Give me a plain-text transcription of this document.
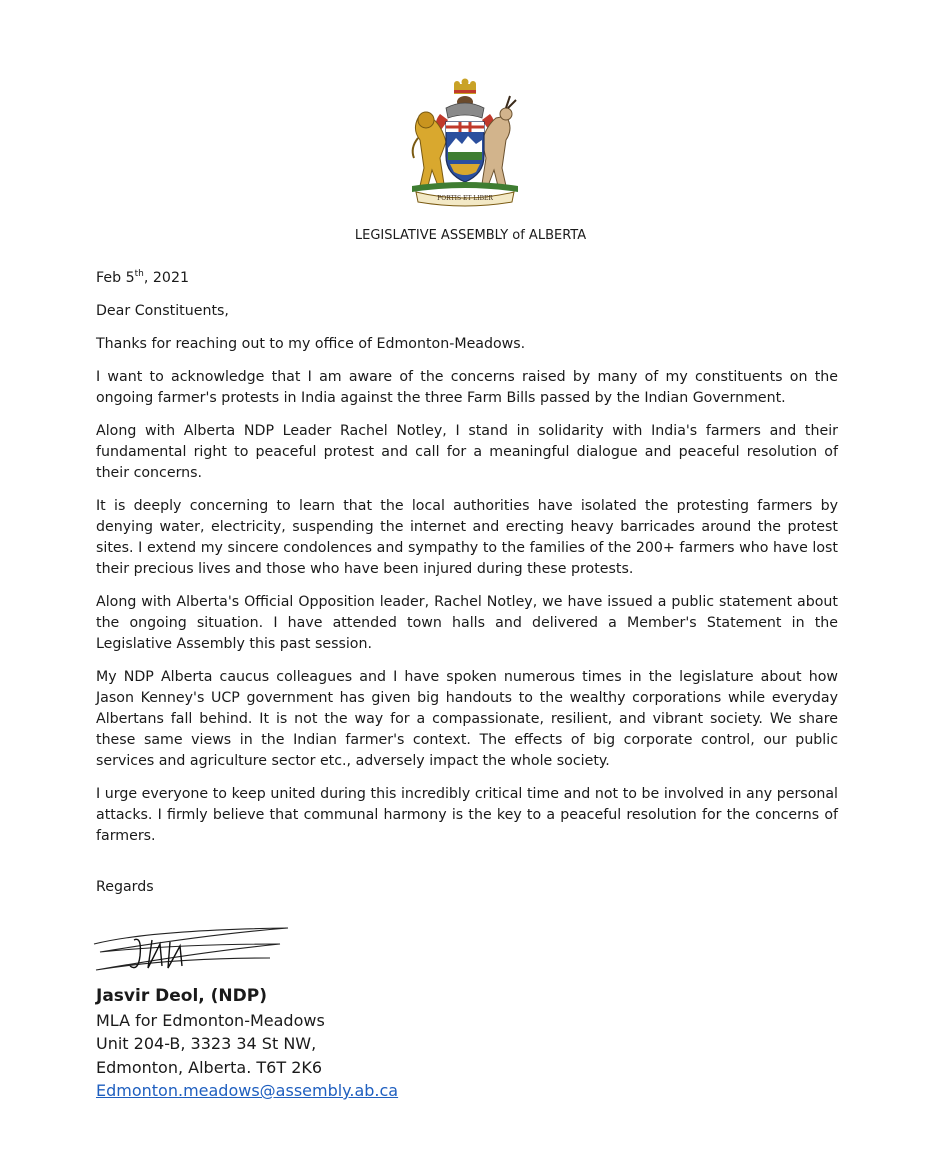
FORTIS ET LIBER
LEGISLATIVE ASSEMBLY of ALBERTA

Feb 5th, 2021

Dear Constituents,

Thanks for reaching out to my office of Edmonton-Meadows.

I want to acknowledge that I am aware of the concerns raised by many of my constituents on the ongoing farmer's protests in India against the three Farm Bills passed by the Indian Government.

Along with Alberta NDP Leader Rachel Notley, I stand in solidarity with India's farmers and their fundamental right to peaceful protest and call for a meaningful dialogue and peaceful resolution of their concerns.

It is deeply concerning to learn that the local authorities have isolated the protesting farmers by denying water, electricity, suspending the internet and erecting heavy barricades around the protest sites. I extend my sincere condolences and sympathy to the families of the 200+ farmers who have lost their precious lives and those who have been injured during these protests.

Along with Alberta's Official Opposition leader, Rachel Notley, we have issued a public statement about the ongoing situation. I have attended town halls and delivered a Member's Statement in the Legislative Assembly this past session.

My NDP Alberta caucus colleagues and I have spoken numerous times in the legislature about how Jason Kenney's UCP government has given big handouts to the wealthy corporations while everyday Albertans fall behind. It is not the way for a compassionate, resilient, and vibrant society. We share these same views in the Indian farmer's context. The effects of big corporate control, our public services and agriculture sector etc., adversely impact the whole society.

I urge everyone to keep united during this incredibly critical time and not to be involved in any personal attacks. I firmly believe that communal harmony is the key to a peaceful resolution for the concerns of farmers.

Regards
Jasvir Deol, (NDP)
MLA for Edmonton-Meadows
Unit 204-B, 3323 34 St NW,
Edmonton, Alberta. T6T 2K6
Edmonton.meadows@assembly.ab.ca
